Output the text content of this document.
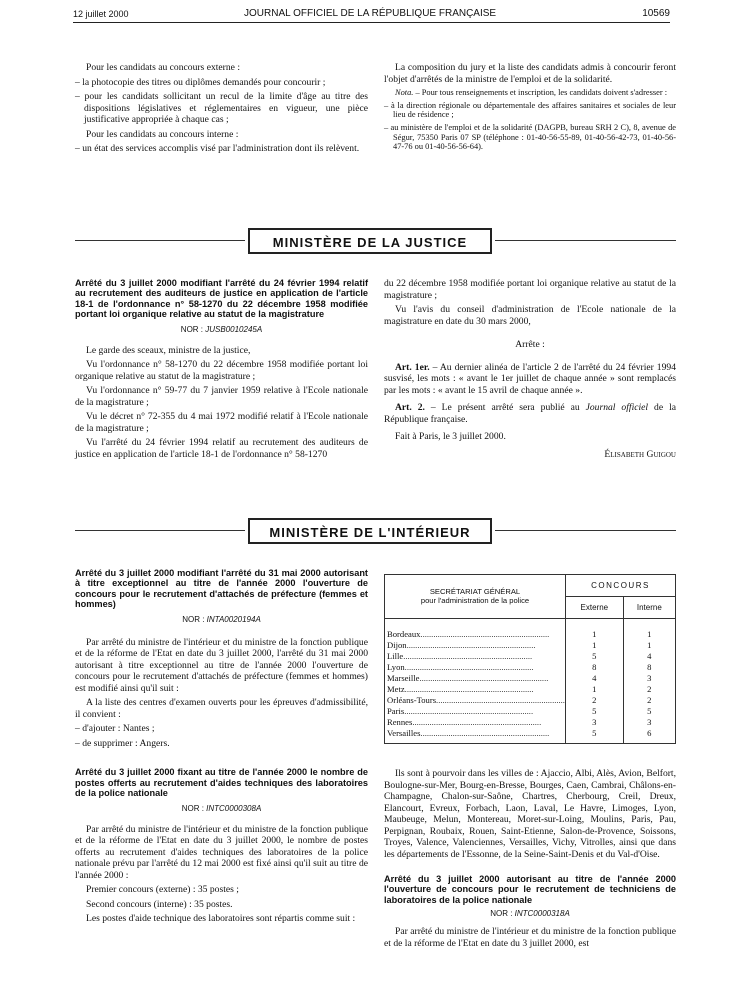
12 juillet 2000	JOURNAL OFFICIEL DE LA RÉPUBLIQUE FRANÇAISE	10569

Pour les candidats au concours externe :

– la photocopie des titres ou diplômes demandés pour concourir ;

– pour les candidats sollicitant un recul de la limite d'âge au titre des dispositions législatives et réglementaires en vigueur, une pièce justificative appropriée à chaque cas ;

Pour les candidats au concours interne :

– un état des services accomplis visé par l'administration dont ils relèvent.

La composition du jury et la liste des candidats admis à concourir feront l'objet d'arrêtés de la ministre de l'emploi et de la solidarité.

Nota. – Pour tous renseignements et inscription, les candidats doivent s'adresser :

– à la direction régionale ou départementale des affaires sanitaires et sociales de leur lieu de résidence ;

– au ministère de l'emploi et de la solidarité (DAGPB, bureau SRH 2 C), 8, avenue de Ségur, 75350 Paris 07 SP (téléphone : 01-40-56-55-89, 01-40-56-42-73, 01-40-56-47-76 ou 01-40-56-56-64).

MINISTÈRE DE LA JUSTICE
Arrêté du 3 juillet 2000 modifiant l'arrêté du 24 février 1994 relatif au recrutement des auditeurs de justice en application de l'article 18-1 de l'ordonnance n° 58-1270 du 22 décembre 1958 modifiée portant loi organique relative au statut de la magistrature
NOR : JUSB0010245A

Le garde des sceaux, ministre de la justice,

Vu l'ordonnance n° 58-1270 du 22 décembre 1958 modifiée portant loi organique relative au statut de la magistrature ;

Vu l'ordonnance n° 59-77 du 7 janvier 1959 relative à l'Ecole nationale de la magistrature ;

Vu le décret n° 72-355 du 4 mai 1972 modifié relatif à l'Ecole nationale de la magistrature ;

Vu l'arrêté du 24 février 1994 relatif au recrutement des auditeurs de justice en application de l'article 18-1 de l'ordonnance n° 58-1270

du 22 décembre 1958 modifiée portant loi organique relative au statut de la magistrature ;

Vu l'avis du conseil d'administration de l'Ecole nationale de la magistrature en date du 30 mars 2000,

Arrête :

Art. 1er. – Au dernier alinéa de l'article 2 de l'arrêté du 24 février 1994 susvisé, les mots : « avant le 1er juillet de chaque année » sont remplacés par les mots : « avant le 15 avril de chaque année ».

Art. 2. – Le présent arrêté sera publié au Journal officiel de la République française.

Fait à Paris, le 3 juillet 2000.

Élisabeth Guigou

MINISTÈRE DE L'INTÉRIEUR
Arrêté du 3 juillet 2000 modifiant l'arrêté du 31 mai 2000 autorisant à titre exceptionnel au titre de l'année 2000 l'ouverture de concours pour le recrutement d'attachés de préfecture (femmes et hommes)
NOR : INTA0020194A

Par arrêté du ministre de l'intérieur et du ministre de la fonction publique et de la réforme de l'Etat en date du 3 juillet 2000, l'arrêté du 31 mai 2000 autorisant à titre exceptionnel au titre de l'année 2000 l'ouverture de concours pour le recrutement d'attachés de préfecture (femmes et hommes) est modifié ainsi qu'il suit :

A la liste des centres d'examen ouverts pour les épreuves d'admissibilité, il convient :

– d'ajouter : Nantes ;

– de supprimer : Angers.

Arrêté du 3 juillet 2000 fixant au titre de l'année 2000 le nombre de postes offerts au recrutement d'aides techniques des laboratoires de la police nationale
NOR : INTC0000308A

Par arrêté du ministre de l'intérieur et du ministre de la fonction publique et de la réforme de l'Etat en date du 3 juillet 2000, le nombre de postes offerts au recrutement d'aides techniques des laboratoires de la police nationale prévu par l'arrêté du 12 mai 2000 est fixé ainsi qu'il suit au titre de l'année 2000 :

Premier concours (externe) : 35 postes ;

Second concours (interne) : 35 postes.

Les postes d'aide technique des laboratoires sont répartis comme suit :

SECRÉTARIAT GÉNÉRAL
pour l'administration de la police	CONCOURS	
	Externe	Interne
Bordeaux............................................................	1	1
Dijon............................................................	1	1
Lille............................................................	5	4
Lyon............................................................	8	8
Marseille............................................................	4	3
Metz............................................................	1	2
Orléans-Tours............................................................	2	2
Paris............................................................	5	5
Rennes............................................................	3	3
Versailles............................................................	5	6

Ils sont à pourvoir dans les villes de : Ajaccio, Albi, Alès, Avion, Belfort, Boulogne-sur-Mer, Bourg-en-Bresse, Bourges, Caen, Cambrai, Châlons-en-Champagne, Chalon-sur-Saône, Chartres, Cherbourg, Creil, Dreux, Elancourt, Evreux, Forbach, Laon, Laval, Le Havre, Limoges, Lyon, Maubeuge, Melun, Montereau, Moret-sur-Loing, Moulins, Paris, Pau, Perpignan, Roubaix, Rouen, Saint-Etienne, Salon-de-Provence, Soissons, Troyes, Valence, Valenciennes, Versailles, Vichy, Vitrolles, ainsi que dans les départements de l'Essonne, de la Seine-Saint-Denis et du Val-d'Oise.

Arrêté du 3 juillet 2000 autorisant au titre de l'année 2000 l'ouverture de concours pour le recrutement de techniciens de laboratoires de la police nationale
NOR : INTC0000318A

Par arrêté du ministre de l'intérieur et du ministre de la fonction publique et de la réforme de l'Etat en date du 3 juillet 2000, est
